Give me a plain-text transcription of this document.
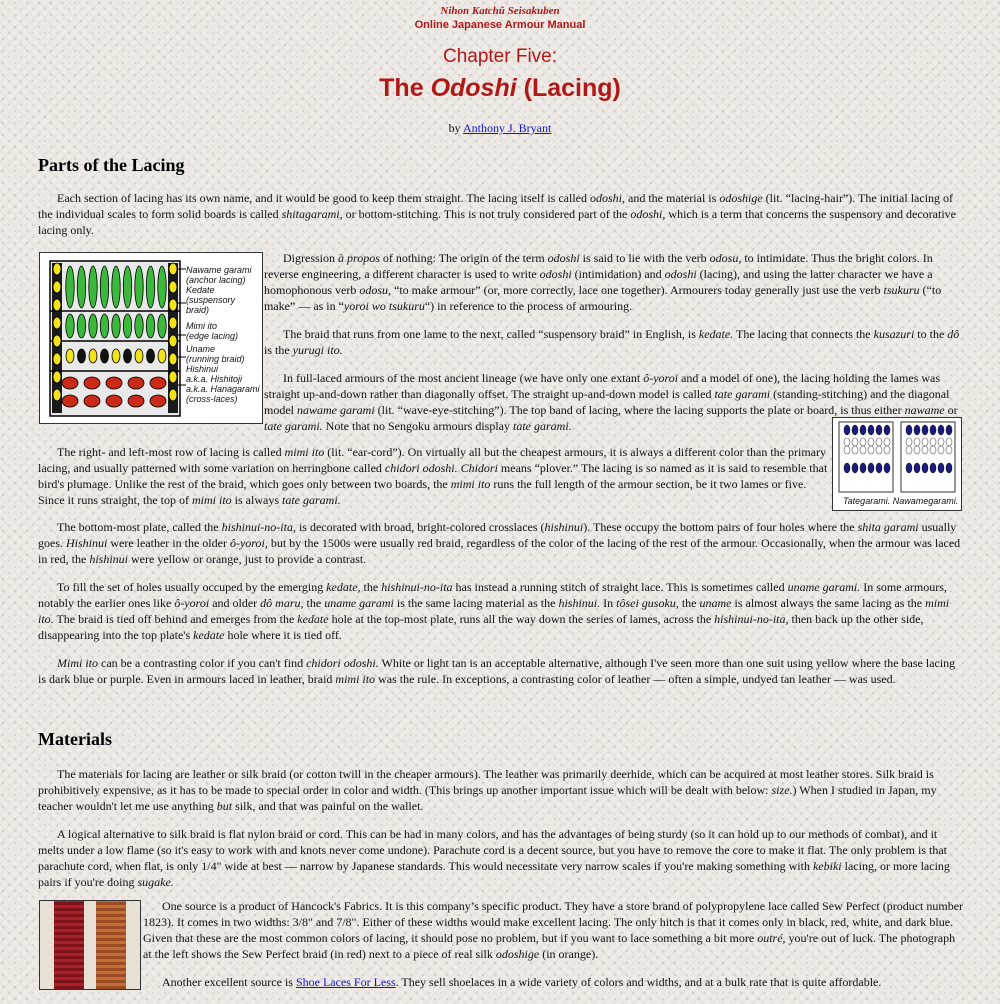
Nihon Katchû Seisakuben
Online Japanese Armour Manual
Chapter Five:
The Odoshi (Lacing)
by Anthony J. Bryant
Parts of the Lacing
Nawame garami
(anchor lacing)
Kedate
(suspensory braid)
Mimi ito
(edge lacing)
Uname
(running braid)
Hishinui
a.k.a. Hishitoji
a.k.a. Hanagarami
(cross-laces)
Tategarami. Nawamegarami.

Each section of lacing has its own name, and it would be good to keep them straight. The lacing itself is called odoshi, and the material is odoshige (lit. “lacing-hair”). The initial lacing of the individual scales to form solid boards is called shitagarami, or bottom-stitching. This is not truly considered part of the odoshi, which is a term that concerns the suspensory and decorative lacing only.

Digression à propos of nothing: The origin of the term odoshi is said to lie with the verb odosu, to intimidate. Thus the bright colors. In reverse engineering, a different character is used to write odoshi (intimidation) and odoshi (lacing), and using the latter character we have a homophonous verb odosu, “to make armour” (or, more correctly, lace one together). Armourers today generally just use the verb tsukuru (“to make” — as in “yoroi wo tsukuru“) in reference to the process of armouring.

The braid that runs from one lame to the next, called “suspensory braid” in English, is kedate. The lacing that connects the kusazuri to the dô is the yurugi ito.

In full-laced armours of the most ancient lineage (we have only one extant ô-yoroi and a model of one), the lacing holding the lames was straight up-and-down rather than diagonally offset. The straight up-and-down model is called tate garami (standing-stitching) and the diagonal model nawame garami (lit. “wave-eye-stitching”). The top band of lacing, where the lacing supports the plate or board, is thus either nawame or tate garami. Note that no Sengoku armours display tate garami.

The right- and left-most row of lacing is called mimi ito (lit. “ear-cord”). On virtually all but the cheapest armours, it is always a different color than the primary lacing, and usually patterned with some variation on herringbone called chidori odoshi. Chidori means “plover.” The lacing is so named as it is said to resemble that bird's plumage. Unlike the rest of the braid, which goes only between two boards, the mimi ito runs the full length of the armour section, be it two lames or five. Since it runs straight, the top of mimi ito is always tate garami.

The bottom-most plate, called the hishinui-no-ita, is decorated with broad, bright-colored crosslaces (hishinui). These occupy the bottom pairs of four holes where the shita garami usually goes. Hishinui were leather in the older ô-yoroi, but by the 1500s were usually red braid, regardless of the color of the lacing of the rest of the armour. Occasionally, when the armour was laced in red, the hishinui were yellow or orange, just to provide a contrast.

To fill the set of holes usually occuped by the emerging kedate, the hishinui-no-ita has instead a running stitch of straight lace. This is sometimes called uname garami. In some armours, notably the earlier ones like ô-yoroi and older dô maru, the uname garami is the same lacing material as the hishinui. In tôsei gusoku, the uname is almost always the same lacing as the mimi ito. The braid is tied off behind and emerges from the kedate hole at the top-most plate, runs all the way down the series of lames, across the hishinui-no-ita, then back up the other side, disappearing into the top plate's kedate hole where it is tied off.

Mimi ito can be a contrasting color if you can't find chidori odoshi. White or light tan is an acceptable alternative, although I've seen more than one suit using yellow where the base lacing is dark blue or purple. Even in armours laced in leather, braid mimi ito was the rule. In exceptions, a contrasting color of leather — often a simple, undyed tan leather — was used.

Materials

The materials for lacing are leather or silk braid (or cotton twill in the cheaper armours). The leather was primarily deerhide, which can be acquired at most leather stores. Silk braid is prohibitively expensive, as it has to be made to special order in color and width. (This brings up another important issue which will be dealt with below: size.) When I studied in Japan, my teacher wouldn't let me use anything but silk, and that was painful on the wallet.

A logical alternative to silk braid is flat nylon braid or cord. This can be had in many colors, and has the advantages of being sturdy (so it can hold up to our methods of combat), and it melts under a low flame (so it's easy to work with and knots never come undone). Parachute cord is a decent source, but you have to remove the core to make it flat. The only problem is that parachute cord, when flat, is only 1/4" wide at best — narrow by Japanese standards. This would necessitate very narrow scales if you're making something with kebiki lacing, or more lacing pairs if you're doing sugake.

One source is a product of Hancock's Fabrics. It is this company’s specific product. They have a store brand of polypropylene lace called Sew Perfect (product number 1823). It comes in two widths: 3/8" and 7/8". Either of these widths would make excellent lacing. The only hitch is that it comes only in black, red, white, and dark blue. Given that these are the most common colors of lacing, it should pose no problem, but if you want to lace something a bit more outré, you're out of luck. The photograph at the left shows the Sew Perfect braid (in red) next to a piece of real silk odoshige (in orange).

Another excellent source is Shoe Laces For Less. They sell shoelaces in a wide variety of colors and widths, and at a bulk rate that is quite affordable.
